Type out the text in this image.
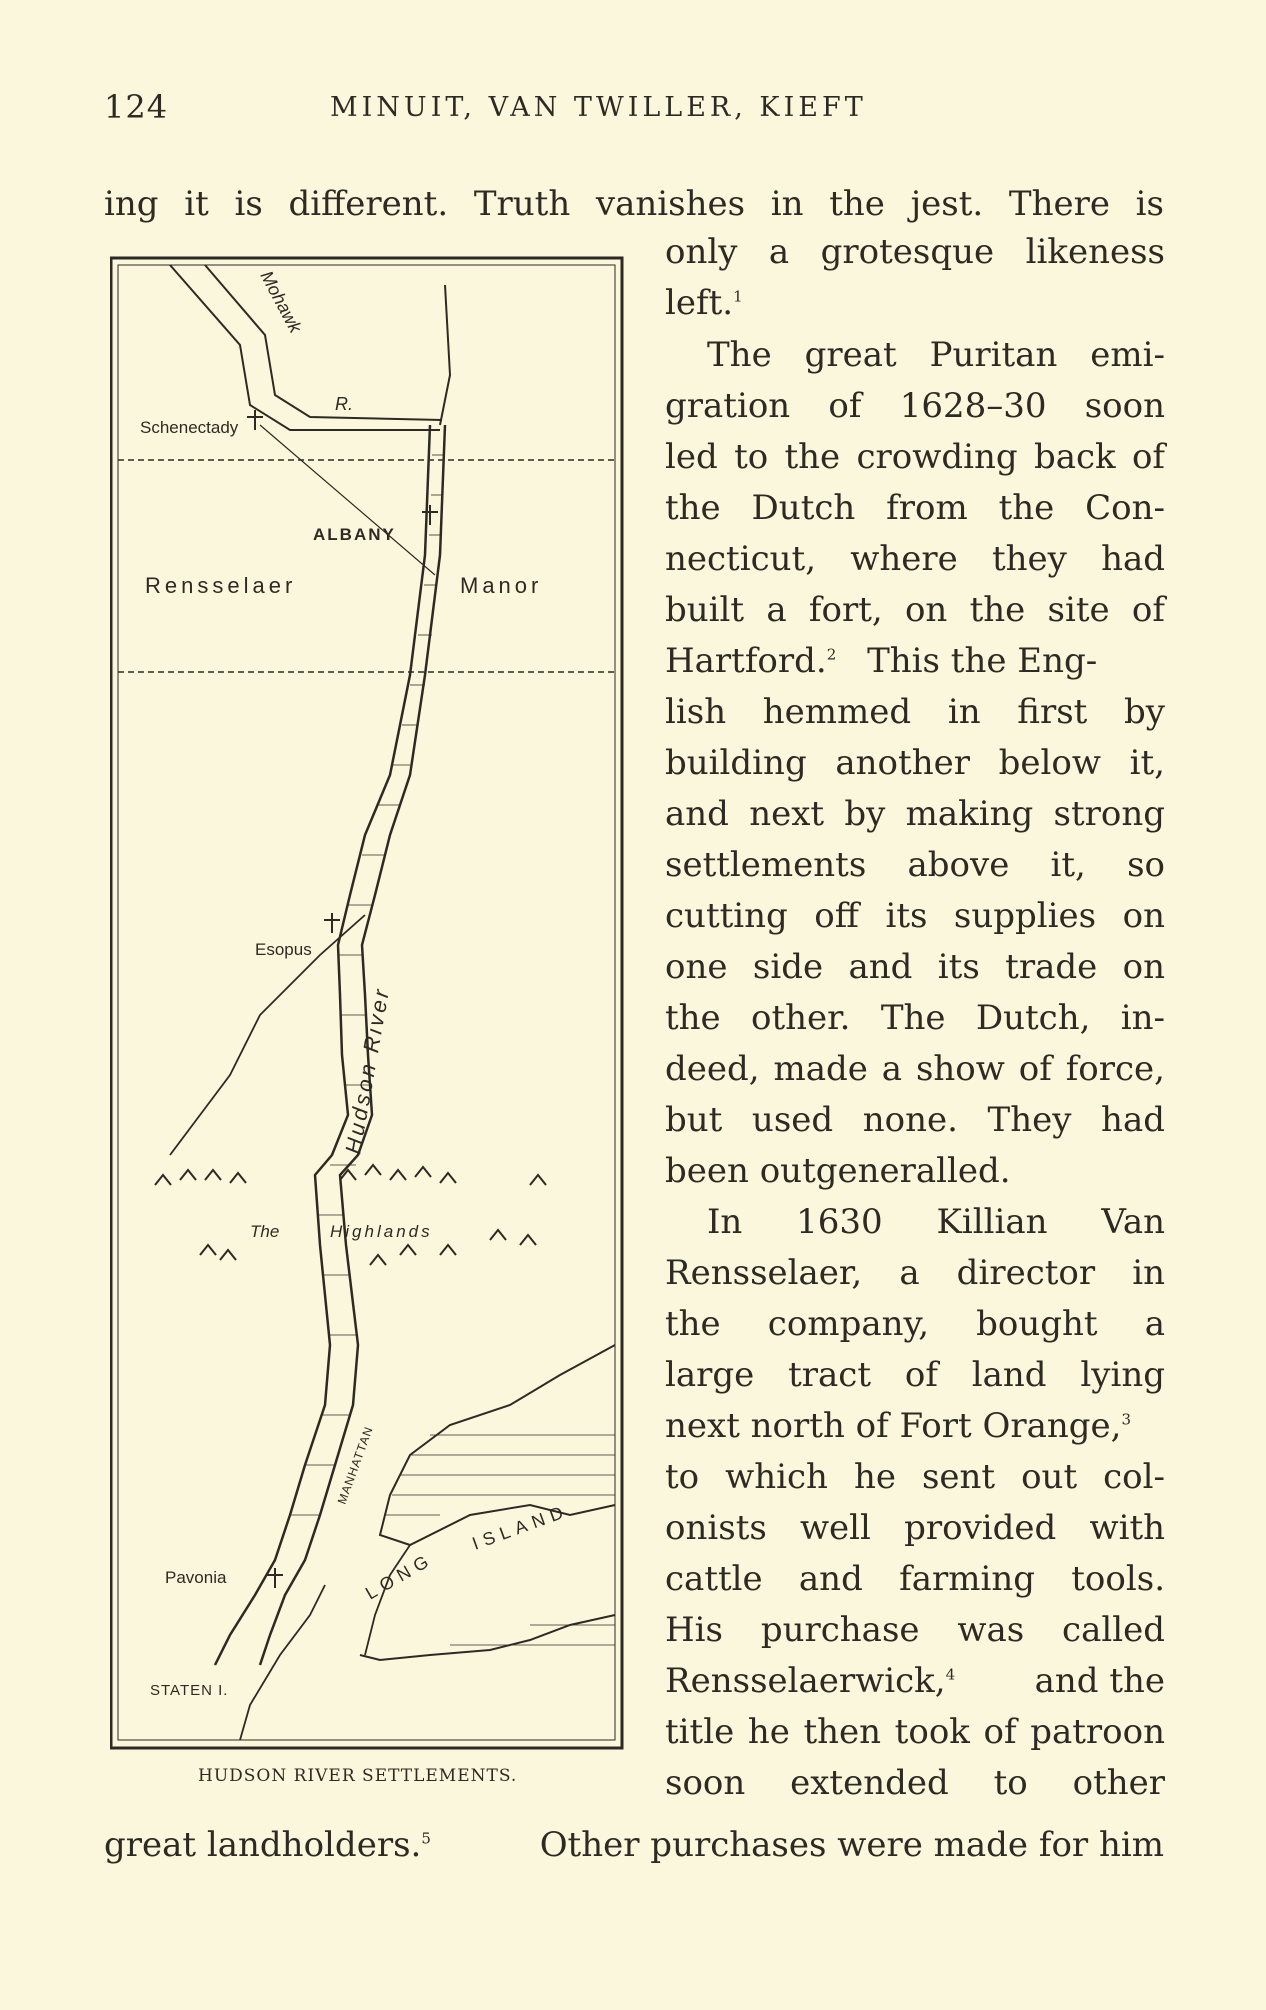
124	MINUIT, VAN TWILLER, KIEFT
ing it is different. Truth vanishes in the jest. There is
only a grotesque likeness
left.$^1$
The great Puritan emi-
gration of 1628–30 soon
led to the crowding back of
the Dutch from the Con-
necticut, where they had
built a fort, on the site of
Hartford.$^2$ This the Eng-
lish hemmed in first by
building another below it,
and next by making strong
settlements above it, so
cutting off its supplies on
one side and its trade on
the other. The Dutch, in-
deed, made a show of force,
but used none. They had
been outgeneralled.
In 1630 Killian Van
Rensselaer, a director in
the company, bought a
large tract of land lying
next north of Fort Orange,$^3$
to which he sent out col-
onists well provided with
cattle and farming tools.
His purchase was called
Rensselaerwick,$^4$ and the
title he then took of patroon
soon extended to other
great landholders.$^5$	Other purchases were made for him
Mohawk
R.
Schenectady
ALBANY
Rensselaer	Manor
Esopus
Hudson River
The	Highlands
MANHATTAN
LONG
ISLAND
Pavonia
STATEN I.
HUDSON RIVER SETTLEMENTS.
